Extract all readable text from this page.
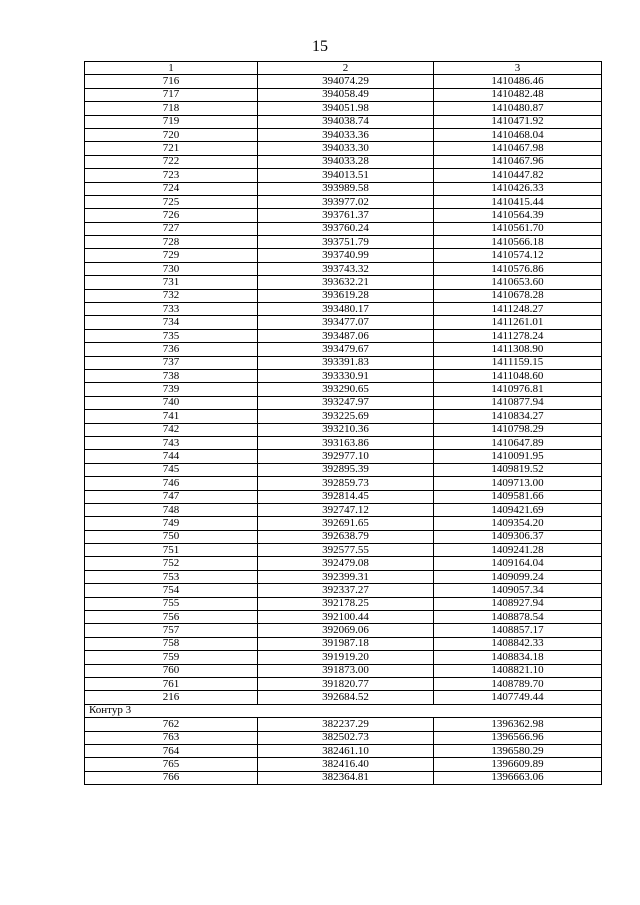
15
1	2	3
716	394074.29	1410486.46
717	394058.49	1410482.48
718	394051.98	1410480.87
719	394038.74	1410471.92
720	394033.36	1410468.04
721	394033.30	1410467.98
722	394033.28	1410467.96
723	394013.51	1410447.82
724	393989.58	1410426.33
725	393977.02	1410415.44
726	393761.37	1410564.39
727	393760.24	1410561.70
728	393751.79	1410566.18
729	393740.99	1410574.12
730	393743.32	1410576.86
731	393632.21	1410653.60
732	393619.28	1410678.28
733	393480.17	1411248.27
734	393477.07	1411261.01
735	393487.06	1411278.24
736	393479.67	1411308.90
737	393391.83	1411159.15
738	393330.91	1411048.60
739	393290.65	1410976.81
740	393247.97	1410877.94
741	393225.69	1410834.27
742	393210.36	1410798.29
743	393163.86	1410647.89
744	392977.10	1410091.95
745	392895.39	1409819.52
746	392859.73	1409713.00
747	392814.45	1409581.66
748	392747.12	1409421.69
749	392691.65	1409354.20
750	392638.79	1409306.37
751	392577.55	1409241.28
752	392479.08	1409164.04
753	392399.31	1409099.24
754	392337.27	1409057.34
755	392178.25	1408927.94
756	392100.44	1408878.54
757	392069.06	1408857.17
758	391987.18	1408842.33
759	391919.20	1408834.18
760	391873.00	1408821.10
761	391820.77	1408789.70
216	392684.52	1407749.44
Контур 3		
762	382237.29	1396362.98
763	382502.73	1396566.96
764	382461.10	1396580.29
765	382416.40	1396609.89
766	382364.81	1396663.06
